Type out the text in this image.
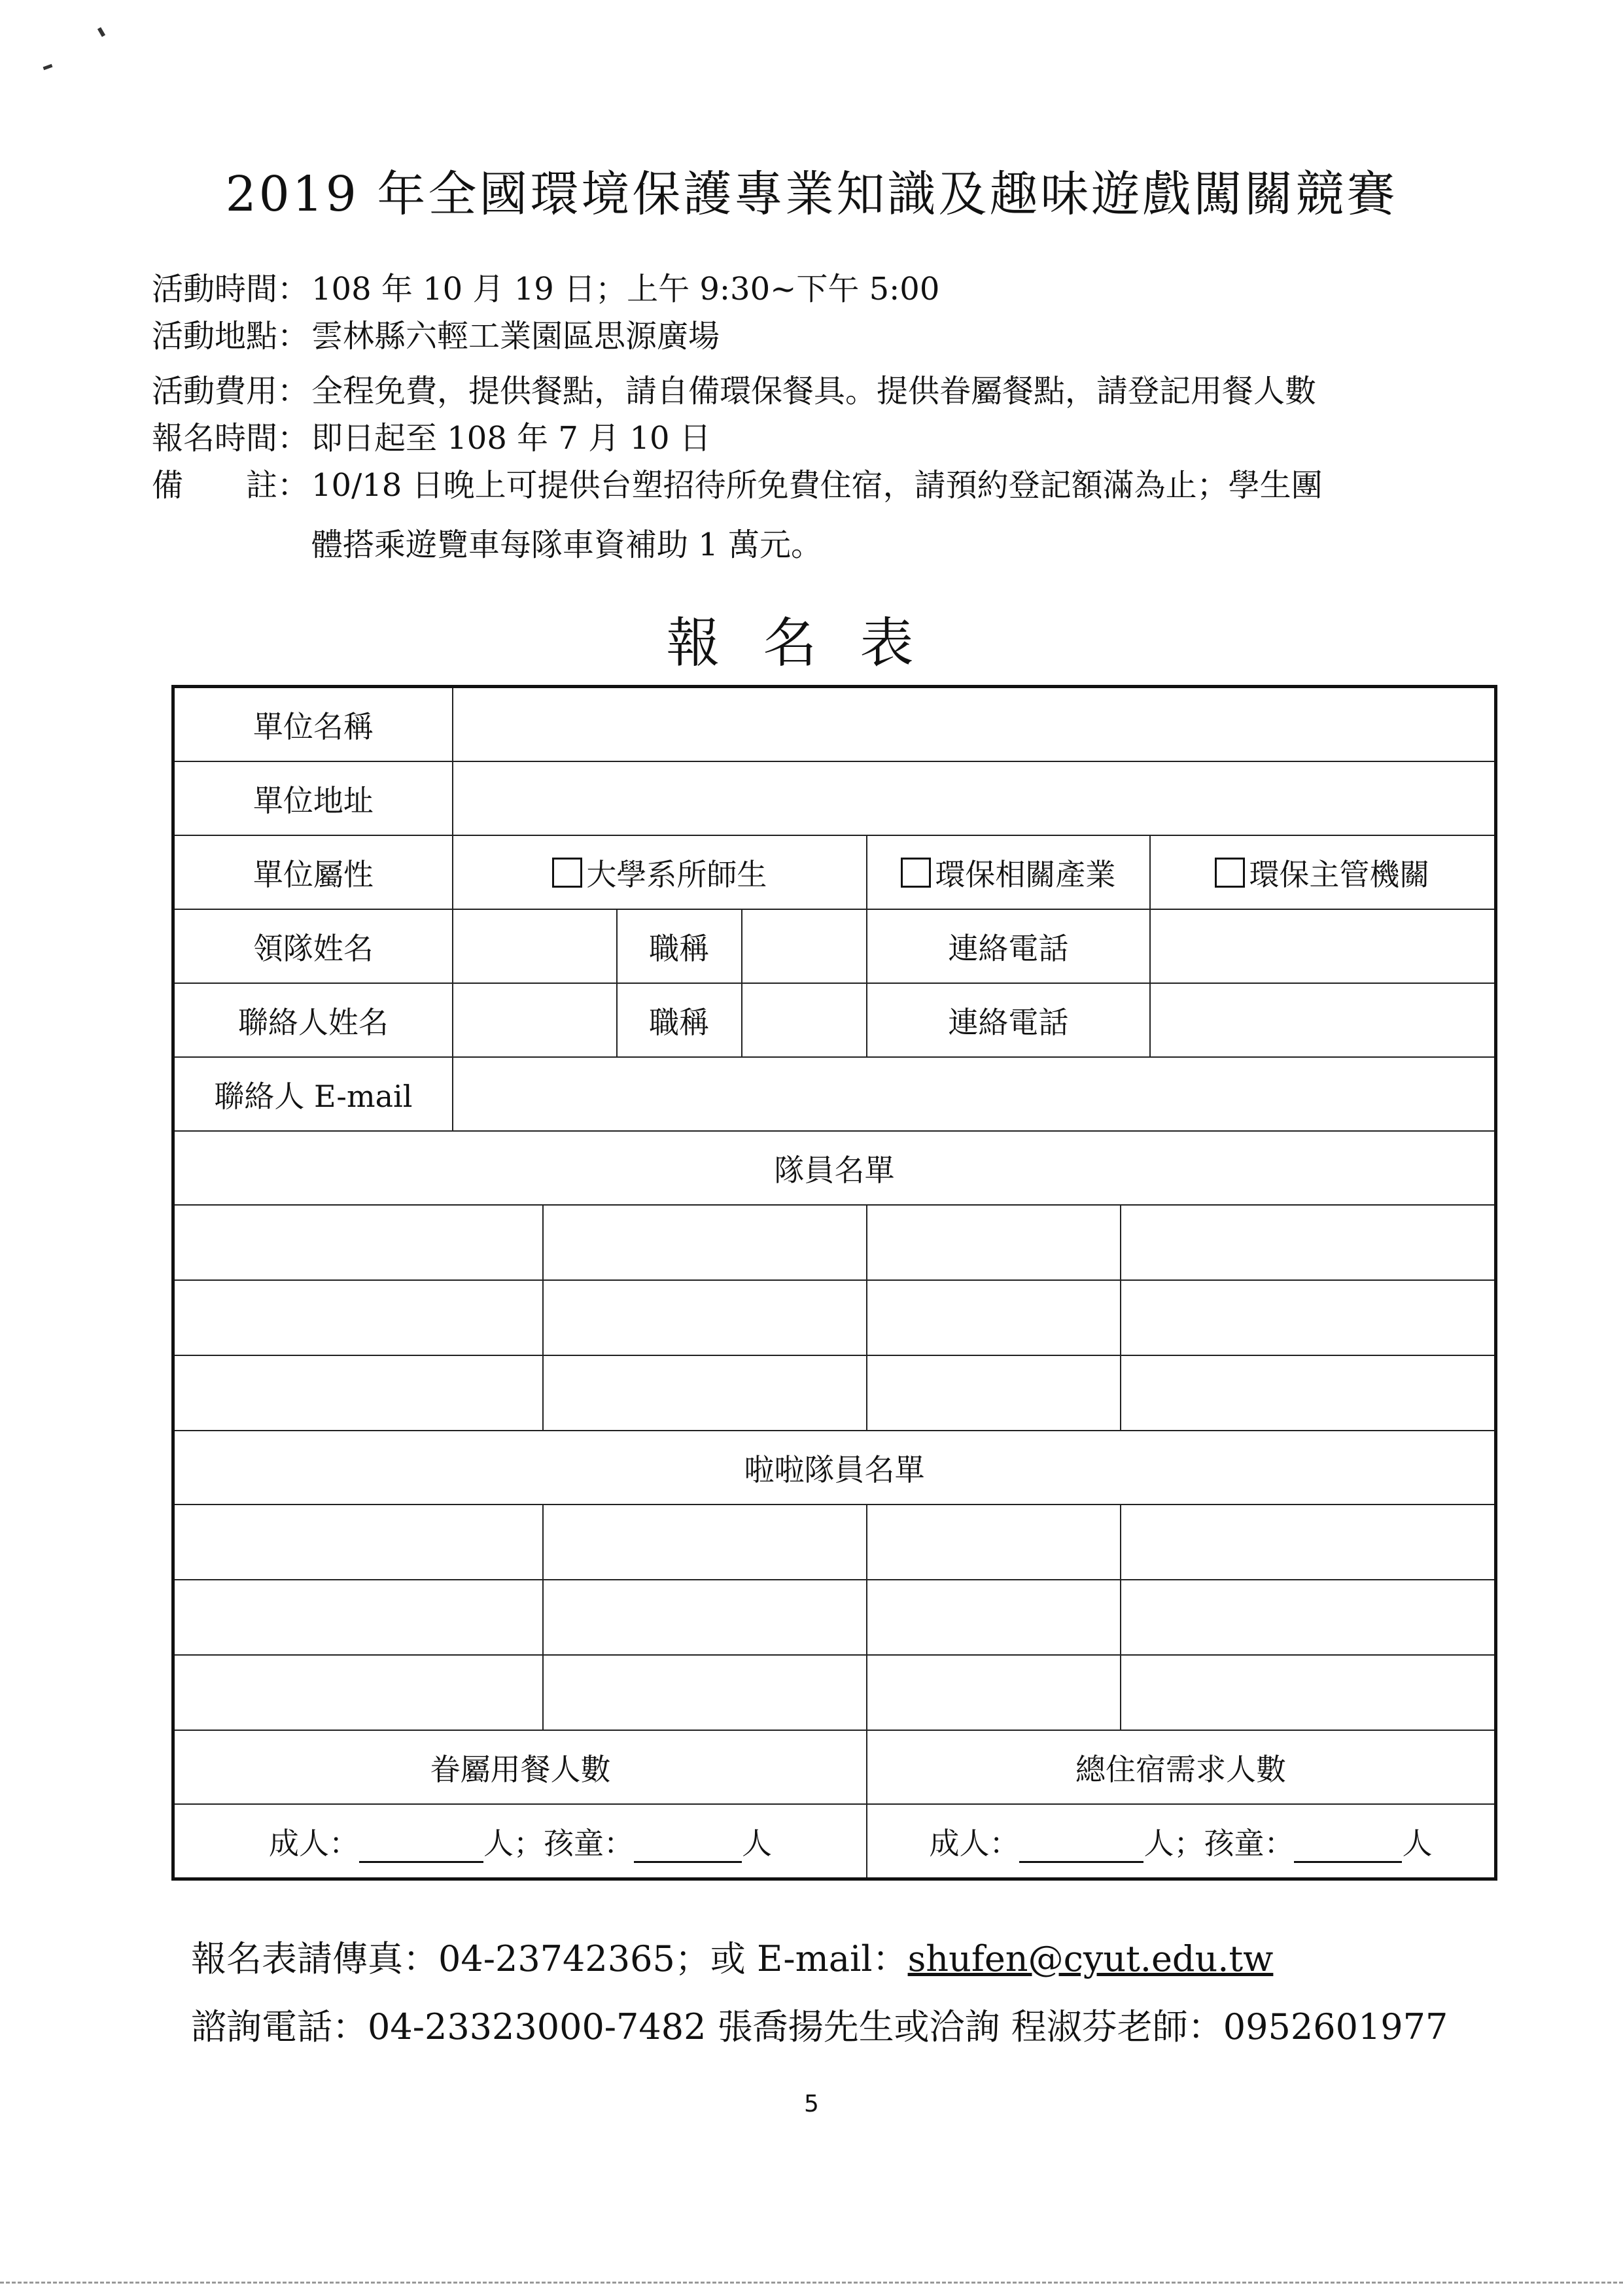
2019 年全國環境保護專業知識及趣味遊戲闖關競賽
活動時間：108 年 10 月 19 日；上午 9:30~下午 5:00
活動地點：雲林縣六輕工業園區思源廣場
活動費用：全程免費，提供餐點，請自備環保餐具。提供眷屬餐點，請登記用餐人數
報名時間：即日起至 108 年 7 月 10 日
備　　註：10/18 日晚上可提供台塑招待所免費住宿，請預約登記額滿為止；學生團
體搭乘遊覽車每隊車資補助 1 萬元。
報名表
單位名稱							
單位地址							
單位屬性	大學系所師生				環保相關產業		環保主管機關
領隊姓名			職稱		連絡電話		
聯絡人姓名			職稱		連絡電話		
聯絡人 E-mail							
隊員名單							

啦啦隊員名單							

眷屬用餐人數					總住宿需求人數		
成人： 人；孩童： 人					成人： 人；孩童： 人		
報名表請傳真：04-23742365；或 E-mail：shufen@cyut.edu.tw
諮詢電話：04-23323000-7482 張喬揚先生或洽詢 程淑芬老師：0952601977
5
